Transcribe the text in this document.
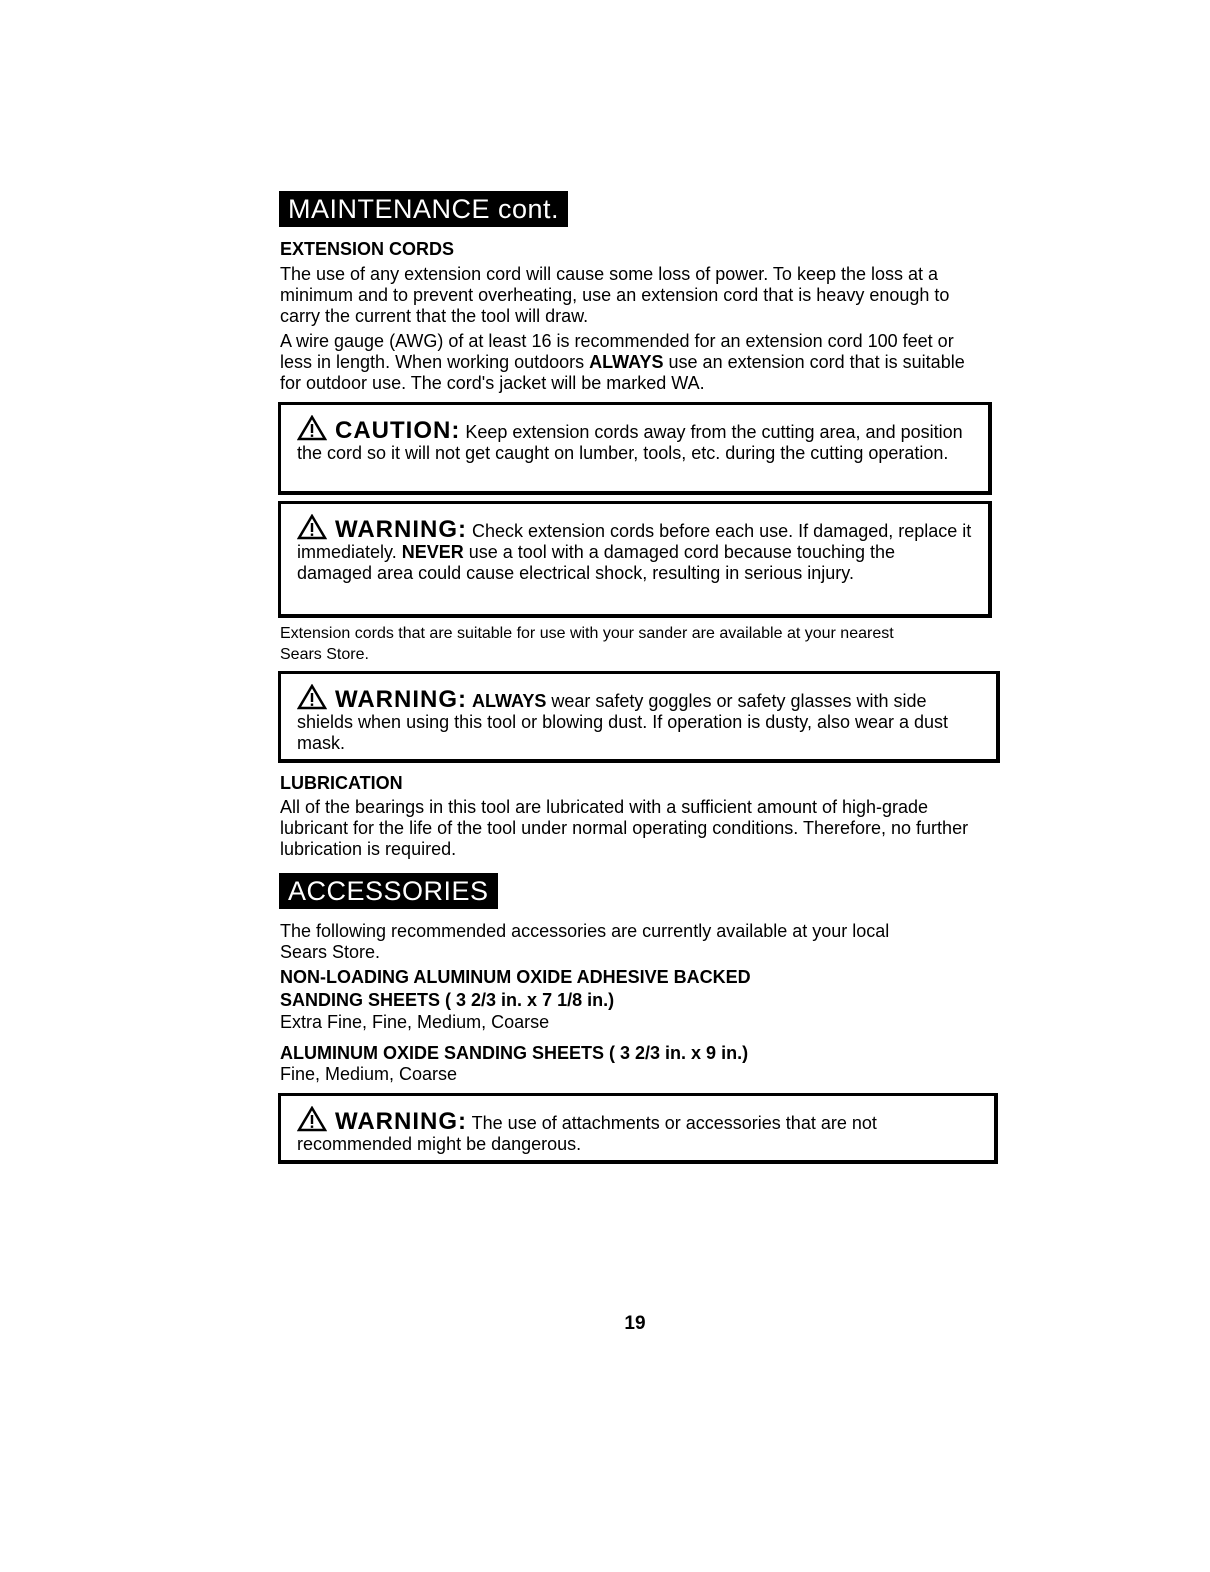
MAINTENANCE cont.
EXTENSION CORDS

The use of any extension cord will cause some loss of power. To keep the loss at a minimum and to prevent overheating, use an extension cord that is heavy enough to carry the current that the tool will draw.

A wire gauge (AWG) of at least 16 is recommended for an extension cord 100 feet or less in length. When working outdoors ALWAYS use an extension cord that is suitable for outdoor use. The cord's jacket will be marked WA.

CAUTION: Keep extension cords away from the cutting area, and position the cord so it will not get caught on lumber, tools, etc. during the cutting operation.
WARNING: Check extension cords before each use. If damaged, replace it immediately. NEVER use a tool with a damaged cord because touching the damaged area could cause electrical shock, resulting in serious injury.

Extension cords that are suitable for use with your sander are available at your nearest Sears Store.

WARNING: ALWAYS wear safety goggles or safety glasses with side shields when using this tool or blowing dust. If operation is dusty, also wear a dust mask.
LUBRICATION

All of the bearings in this tool are lubricated with a sufficient amount of high-grade lubricant for the life of the tool under normal operating conditions. Therefore, no further lubrication is required.

ACCESSORIES

The following recommended accessories are currently available at your local Sears Store.

NON-LOADING ALUMINUM OXIDE ADHESIVE BACKED
SANDING SHEETS ( 3 2/3 in. x 7 1/8 in.)

Extra Fine, Fine, Medium, Coarse

ALUMINUM OXIDE SANDING SHEETS ( 3 2/3 in. x 9 in.)

Fine, Medium, Coarse

WARNING: The use of attachments or accessories that are not recommended might be dangerous.
19
